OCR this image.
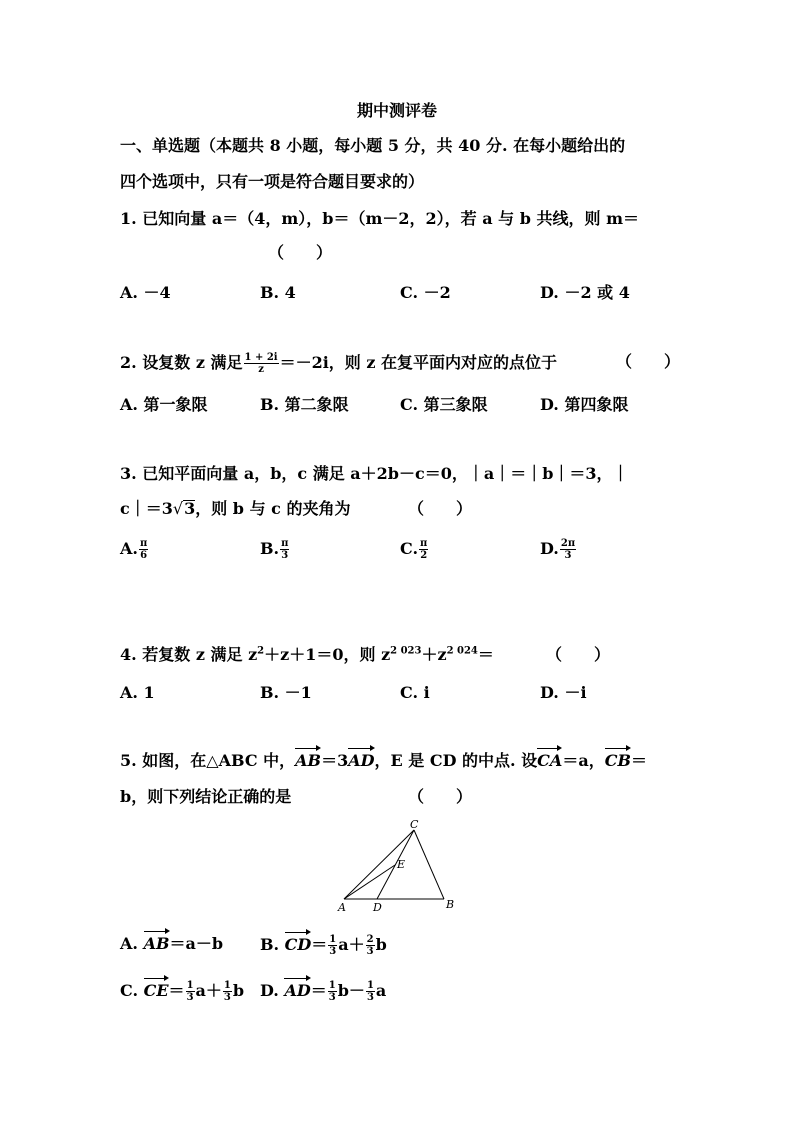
期中测评卷
一、单选题（本题共 8 小题，每小题 5 分，共 40 分. 在每小题给出的
四个选项中，只有一项是符合题目要求的）
1. 已知向量 a＝（4，m），b＝（m－2，2），若 a 与 b 共线，则 m＝
（　　）
A. －4	B. 4	C. －2	D. －2 或 4
2. 设复数 z 满足 $\frac{1 + 2i}{z} =-2i$，则 z 在复平面内对应的点位于	（　　）
A. 第一象限	B. 第二象限	C. 第三象限	D. 第四象限
3. 已知平面向量 a，b，c 满足 a＋2b－c＝0，｜a｜＝｜b｜＝3，｜
c｜＝3√3，则 b 与 c 的夹角为	（　　）
A. $\frac{\pi}{6}$	B. $\frac{\pi}{3}$	C. $\frac{\pi}{2}$	D. $\frac{2\pi}{3}$
4. 若复数 z 满足 $z^2+z+1=0$，则 $z^{2 023}+z^{2 024}=$	（　　）
A. 1	B. －1	C. i	D. －i
5. 如图，在△ABC 中，AB＝3AD，E 是 CD 的中点. 设CA＝a，CB＝
b，则下列结论正确的是	（　　）
C
E
A D	B
A. AB＝a－b B. $CD= \frac{1}{3} a+ \frac{2}{3}$ b
C. $CE= \frac{1}{3} a+ \frac{1}{3}$ b D. $AD= \frac{1}{3} b- \frac{1}{3}$ a
